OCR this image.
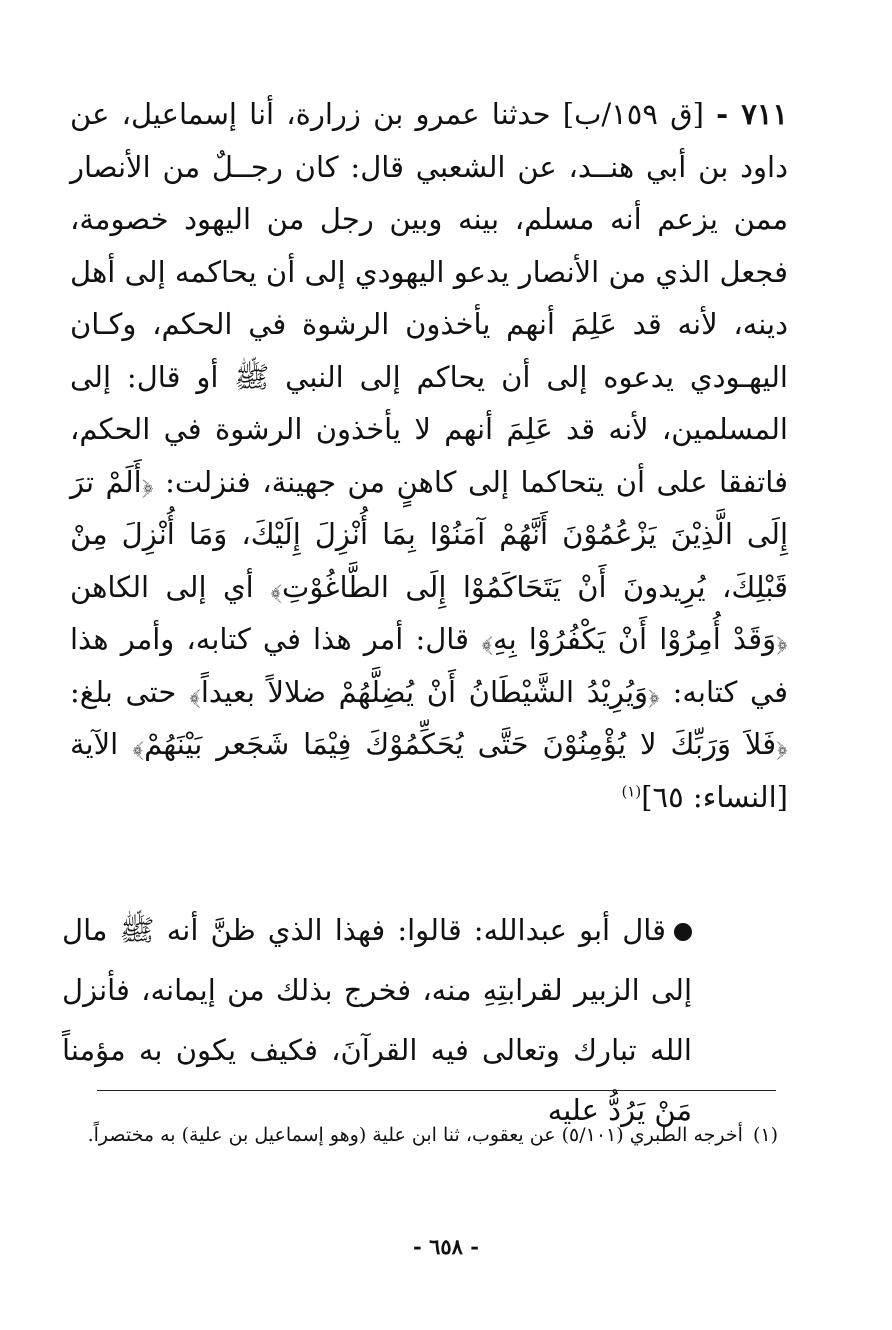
٧١١ - [ق ١٥٩/ب] حدثنا عمرو بن زرارة، أنا إسماعيل، عن داود بن أبي هنــد، عن الشعبي قال: كان رجــلٌ من الأنصار ممن يزعم أنه مسلم، بينه وبين رجل من اليهود خصومة، فجعل الذي من الأنصار يدعو اليهودي إلى أن يحاكمه إلى أهل دينه، لأنه قد عَلِمَ أنهم يأخذون الرشوة في الحكم، وكـان اليهـودي يدعوه إلى أن يحاكم إلى النبي ﷺ أو قال: إلى المسلمين، لأنه قد عَلِمَ أنهم لا يأخذون الرشوة في الحكم، فاتفقا على أن يتحاكما إلى كاهنٍ من جهينة، فنزلت: ﴿أَلَمْ ترَ إِلَى الَّذِيْنَ يَزْعُمُوْنَ أَنَّهُمْ آمَنُوْا بِمَا أُنْزِلَ إِلَيْكَ، وَمَا أُنْزِلَ مِنْ قَبْلِكَ، يُرِيدونَ أَنْ يَتَحَاكَمُوْا إِلَى الطَّاغُوْتِ﴾ أي إلى الكاهن ﴿وَقَدْ أُمِرُوْا أَنْ يَكْفُرُوْا بِهِ﴾ قال: أمر هذا في كتابه، وأمر هذا في كتابه: ﴿وَيُرِيْدُ الشَّيْطَانُ أَنْ يُضِلَّهُمْ ضلالاً بعيداً﴾ حتى بلغ: ﴿فَلاَ وَرَبِّكَ لا يُؤْمِنُوْنَ حَتَّى يُحَكِّمُوْكَ فِيْمَا شَجَعر بَيْنَهُمْ﴾ الآية [النساء: ٦٥]$^{(١)}$
قال أبو عبدالله: قالوا: فهذا الذي ظنَّ أنه ﷺ مال إلى الزبير لقرابتِهِ منه، فخرج بذلك من إيمانه، فأنزل الله تبارك وتعالى فيه القرآنَ، فكيف يكون به مؤمناً مَنْ يَرُدُّ عليه
(١)أخرجه الطبري (٥/١٠١) عن يعقوب، ثنا ابن علية (وهو إسماعيل بن علية) به مختصراً.
- ٦٥٨ -
